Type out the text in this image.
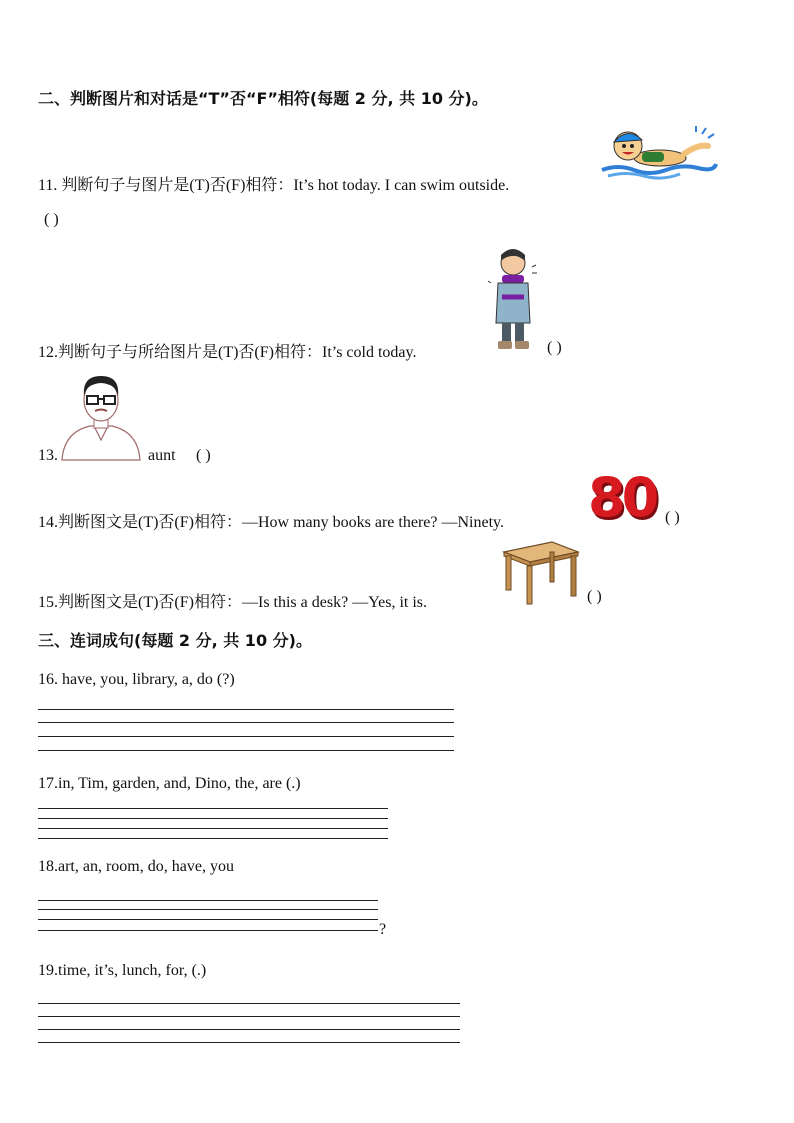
二、判断图片和对话是“T”否“F”相符(每题 2 分, 共 10 分)。
11. 判断句子与图片是(T)否(F)相符：It’s hot today. I can swim outside.
( )
12.判断句子与所给图片是(T)否(F)相符：It’s cold today.	( )
13.	aunt ( )
14.判断图文是(T)否(F)相符：—How many books are there? —Ninety. 80 ( )
15.判断图文是(T)否(F)相符：—Is this a desk? —Yes, it is.	( )
三、连词成句(每题 2 分, 共 10 分)。
16. have, you, library, a, do (?)
17.in, Tim, garden, and, Dino, the, are (.)
18.art, an, room, do, have, you
?
19.time, it’s, lunch, for, (.)
